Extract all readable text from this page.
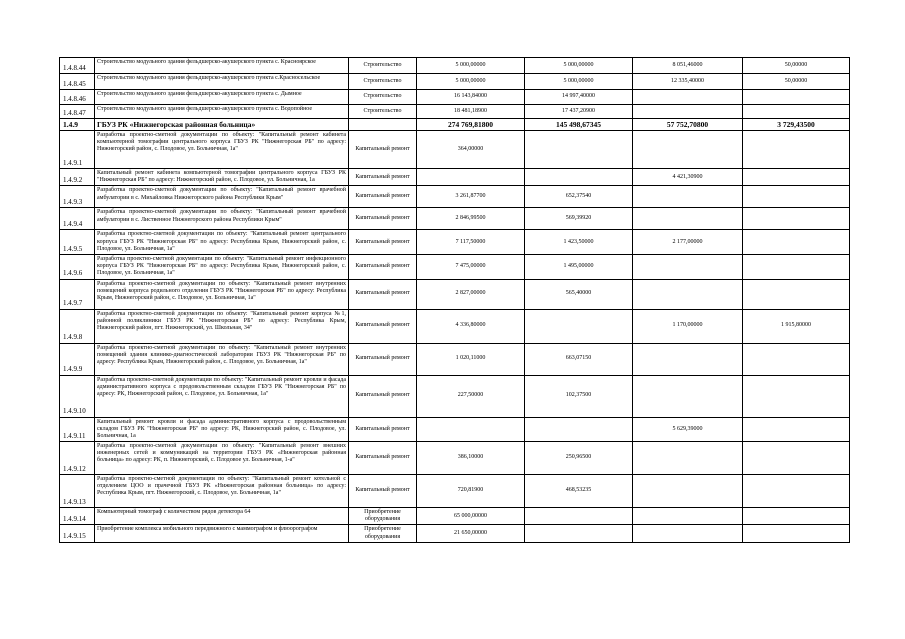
1.4.8.44	Строительство модульного здания фельдшерско-акушерского пункта с. Красноярское	Строительство	5 000,00000	5 000,00000	8 051,46000	50,00000
1.4.8.45	Строительство модульного здания фельдшерско-акушерского пункта с.Красносельское	Строительство	5 000,00000	5 000,00000	12 335,40000	50,00000
1.4.8.46	Строительство модульного здания фельдшерско-акушерского пункта с. Дымное	Строительство	16 143,84000	14 997,40000		
1.4.8.47	Строительство модульного здания фельдшерско-акушерского пункта с. Водопойное	Строительство	18 481,18900	17 437,20900		
1.4.9	ГБУЗ РК «Нижнегорская районная больница»		274 769,81800	145 498,67345	57 752,70800	3 729,43500
1.4.9.1	Разработка проектно-сметной документации по объекту: "Капитальный ремонт кабинета компьютерной томографии центрального корпуса ГБУЗ РК "Нижнегорская РБ" по адресу: Нижнегорский район, с. Плодовое, ул. Больничная, 1а"	Капитальный ремонт	364,00000			
1.4.9.2	Капитальный ремонт кабинета компьютерной томографии центрального корпуса ГБУЗ РК "Нижнегорская РБ" по адресу: Нижнегорский район, с. Плодовое, ул. Больничная, 1а	Капитальный ремонт			4 421,30900	
1.4.9.3	Разработка проектно-сметной документации по объекту: "Капитальный ремонт врачебной амбулатории в с. Михайловка Нижнегорского района Республики Крым"	Капитальный ремонт	3 261,87700	652,37540		
1.4.9.4	Разработка проектно-сметной документации по объекту: "Капитальный ремонт врачебной амбулатории в с. Лиственное Нижнегорского района Республики Крым"	Капитальный ремонт	2 846,99500	569,39920		
1.4.9.5	Разработка проектно-сметной документации по объекту: "Капитальный ремонт центрального корпуса ГБУЗ РК "Нижнегорская РБ" по адресу: Республика Крым, Нижнегорский район, с. Плодовое, ул. Больничная, 1а"	Капитальный ремонт	7 117,50000	1 423,50000	2 177,00000	
1.4.9.6	Разработка проектно-сметной документации по объекту: "Капитальный ремонт инфекционного корпуса ГБУЗ РК "Нижнегорская РБ" по адресу: Республика Крым, Нижнегорский район, с. Плодовое, ул. Больничная, 1а"	Капитальный ремонт	7 475,00000	1 495,00000		
1.4.9.7	Разработка проектно-сметной документации по объекту: "Капитальный ремонт внутренних помещений корпуса родильного отделения ГБУЗ РК "Нижнегорская РБ" по адресу: Республика Крым, Нижнегорский район, с. Плодовое, ул. Больничная, 1а"	Капитальный ремонт	2 827,00000	565,40000		
1.4.9.8	Разработка проектно-сметной документации по объекту: "Капитальный ремонт корпуса №1, районной поликлиники ГБУЗ РК "Нижнегорская РБ" по адресу: Республика Крым, Нижнегорский район, пгт. Нижнегорский, ул. Школьная, 34"	Капитальный ремонт	4 336,80000		1 170,00000	1 915,80000
1.4.9.9	Разработка проектно-сметной документации по объекту: "Капитальный ремонт внутренних помещений здания клинико-диагностической лаборатории ГБУЗ РК "Нижнегорская РБ" по адресу: Республика Крым, Нижнегорский район, с. Плодовое, ул. Больничная, 1а"	Капитальный ремонт	1 020,11000	663,07150		
1.4.9.10	Разработка проектно-сметной документации по объекту: "Капитальный ремонт кровли и фасада административного корпуса с продовольственным складом ГБУЗ РК "Нижнегорская РБ" по адресу: РК, Нижнегорский район, с. Плодовое, ул. Больничная, 1а"	Капитальный ремонт	227,50000	102,37500		
1.4.9.11	Капитальный ремонт кровли и фасада административного корпуса с продовольственным складом ГБУЗ РК "Нижнегорская РБ" по адресу: РК, Нижнегорский район, с. Плодовое, ул. Больничная, 1а	Капитальный ремонт			5 629,39000	
1.4.9.12	Разработка проектно-сметной документации по объекту: "Капитальный ремонт внешних инженерных сетей и коммуникаций на территории ГБУЗ РК «Нижнегорская районная больница» по адресу: РК, п. Нижнегорский, с. Плодовое ул. Больничная, 1-а"	Капитальный ремонт	386,10000	250,96500		
1.4.9.13	Разработка проектно-сметной документации по объекту: "Капитальный ремонт котельной с отделением ЦОО и прачечной ГБУЗ РК «Нижнегорская районная больница» по адресу: Республика Крым, пгт. Нижнегорский, с. Плодовое, ул. Больничная, 1а"	Капитальный ремонт	720,81900	468,53235		
1.4.9.14	Компьютерный томограф с количеством рядов детектора 64	Приобретение оборудования	65 000,00000			
1.4.9.15	Приобретение комплекса мобильного передвижного с маммографом и флюорографом	Приобретение оборудования	21 650,00000			
